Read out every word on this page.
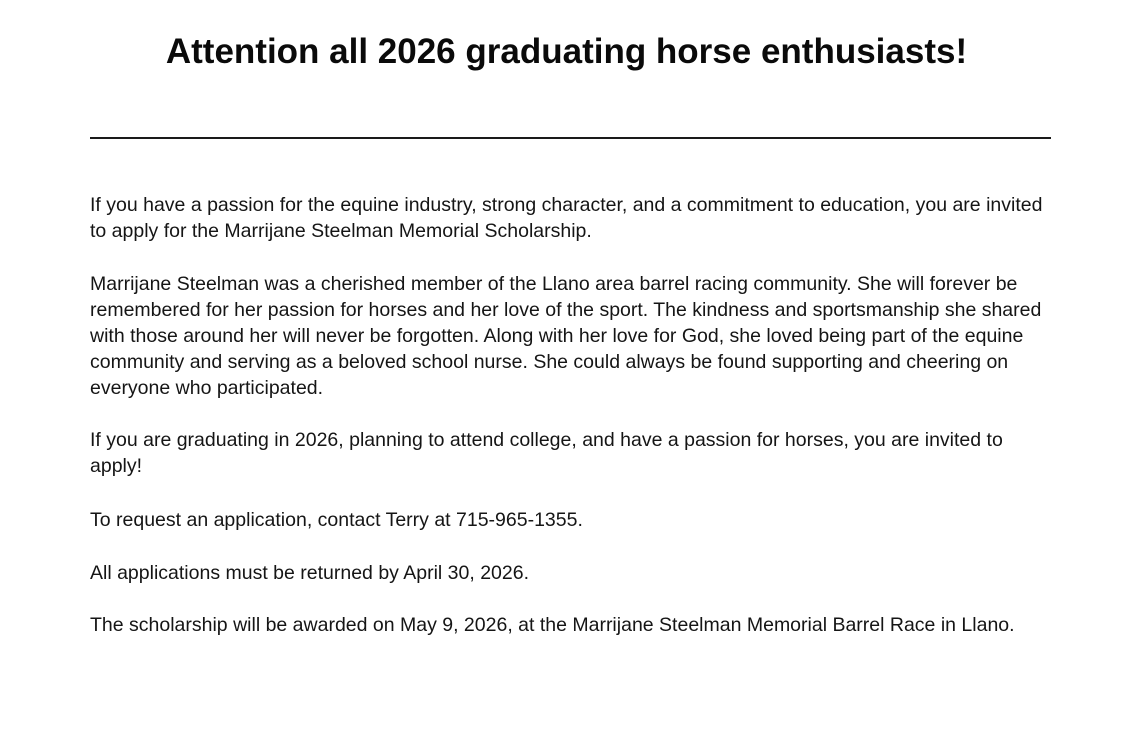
Attention all 2026 graduating horse enthusiasts!

If you have a passion for the equine industry, strong character, and a commitment to education, you are invited to apply for the Marrijane Steelman Memorial Scholarship.

Marrijane Steelman was a cherished member of the Llano area barrel racing community. She will forever be remembered for her passion for horses and her love of the sport. The kindness and sportsmanship she shared with those around her will never be forgotten. Along with her love for God, she loved being part of the equine community and serving as a beloved school nurse. She could always be found supporting and cheering on everyone who participated.

If you are graduating in 2026, planning to attend college, and have a passion for horses, you are invited to apply!

To request an application, contact Terry at 715-965-1355.

All applications must be returned by April 30, 2026.

The scholarship will be awarded on May 9, 2026, at the Marrijane Steelman Memorial Barrel Race in Llano.
